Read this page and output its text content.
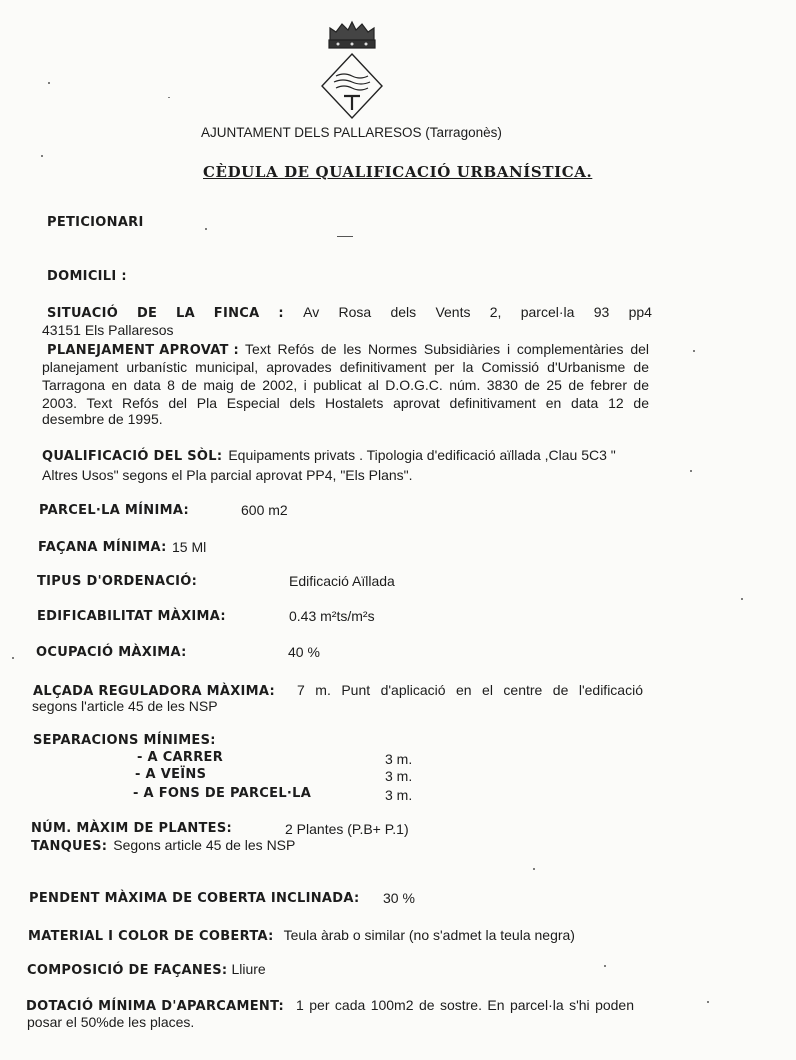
AJUNTAMENT DELS PALLARESOS (Tarragonès)
CÈDULA DE QUALIFICACIÓ URBANÍSTICA.
PETICIONARI
DOMICILI :
SITUACIÓ DE LA FINCA : Av Rosa dels Vents 2, parcel·la 93 pp4
43151 Els Pallaresos
PLANEJAMENT APROVAT : Text Refós de les Normes Subsidiàries i complementàries del
planejament urbanístic municipal, aprovades definitivament per la Comissió d'Urbanisme de
Tarragona en data 8 de maig de 2002, i publicat al D.O.G.C. núm. 3830 de 25 de febrer de
2003. Text Refós del Pla Especial dels Hostalets aprovat definitivament en data 12 de
desembre de 1995.
QUALIFICACIÓ DEL SÒL: Equipaments privats . Tipologia d'edificació aïllada ,Clau 5C3 "
Altres Usos" segons el Pla parcial aprovat PP4, "Els Plans".
PARCEL·LA MÍNIMA:	600 m2
FAÇANA MÍNIMA: 15 Ml
TIPUS D'ORDENACIÓ:	Edificació Aïllada
EDIFICABILITAT MÀXIMA:	0.43 m²ts/m²s
OCUPACIÓ MÀXIMA:	40 %
ALÇADA REGULADORA MÀXIMA: 7 m. Punt d'aplicació en el centre de l'edificació
segons l'article 45 de les NSP
SEPARACIONS MÍNIMES:
- A CARRER	3 m.
- A VEÏNS	3 m.
- A FONS DE PARCEL·LA	3 m.
NÚM. MÀXIM DE PLANTES:	2 Plantes (P.B+ P.1)
TANQUES: Segons article 45 de les NSP
PENDENT MÀXIMA DE COBERTA INCLINADA: 30 %
MATERIAL I COLOR DE COBERTA: Teula àrab o similar (no s'admet la teula negra)
COMPOSICIÓ DE FAÇANES: Lliure
DOTACIÓ MÍNIMA D'APARCAMENT: 1 per cada 100m2 de sostre. En parcel·la s'hi poden
posar el 50%de les places.
